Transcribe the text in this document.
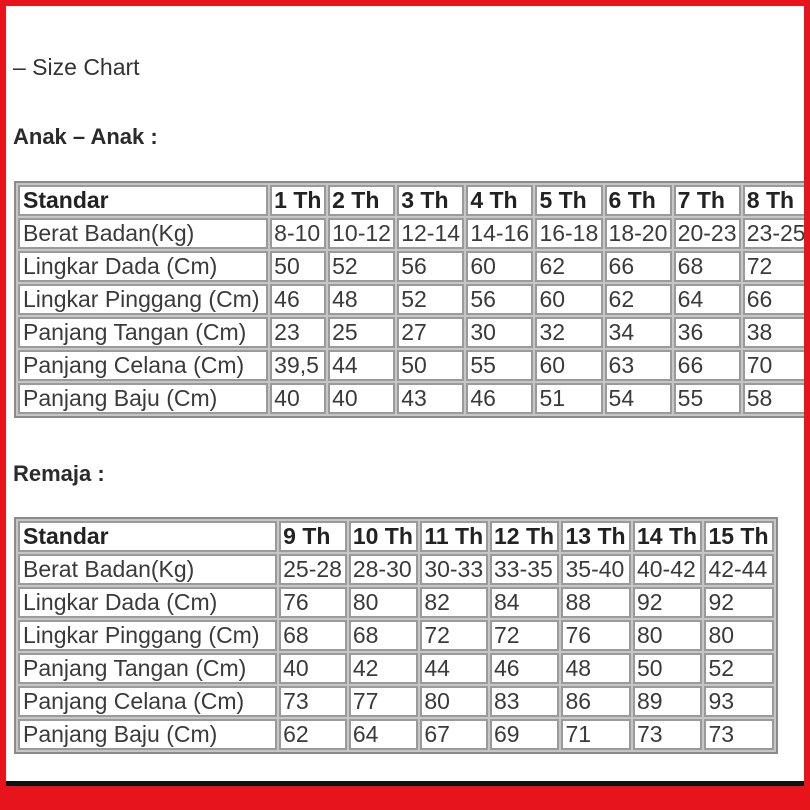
– Size Chart
Anak – Anak :
Standar	1 Th	2 Th	3 Th	4 Th	5 Th	6 Th	7 Th	8 Th
Berat Badan(Kg)	8-10	10-12	12-14	14-16	16-18	18-20	20-23	23-25
Lingkar Dada (Cm)	50	52	56	60	62	66	68	72
Lingkar Pinggang (Cm)	46	48	52	56	60	62	64	66
Panjang Tangan (Cm)	23	25	27	30	32	34	36	38
Panjang Celana (Cm)	39,5	44	50	55	60	63	66	70
Panjang Baju (Cm)	40	40	43	46	51	54	55	58
Remaja :
Standar	9 Th	10 Th	11 Th	12 Th	13 Th	14 Th	15 Th
Berat Badan(Kg)	25-28	28-30	30-33	33-35	35-40	40-42	42-44
Lingkar Dada (Cm)	76	80	82	84	88	92	92
Lingkar Pinggang (Cm)	68	68	72	72	76	80	80
Panjang Tangan (Cm)	40	42	44	46	48	50	52
Panjang Celana (Cm)	73	77	80	83	86	89	93
Panjang Baju (Cm)	62	64	67	69	71	73	73
